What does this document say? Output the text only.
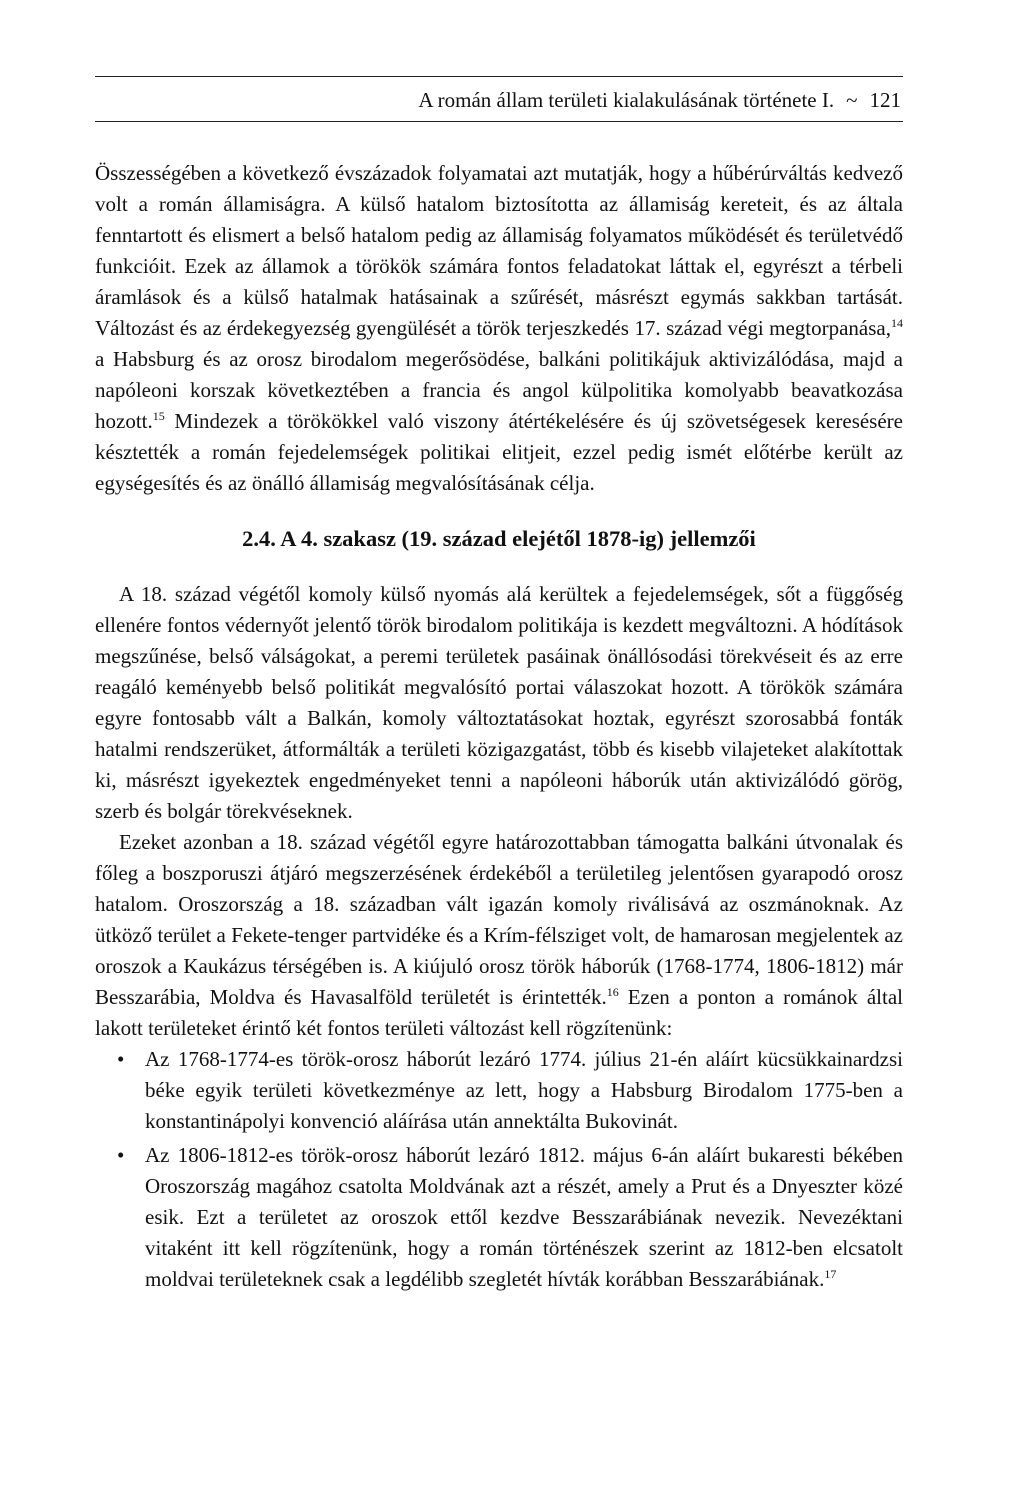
A román állam területi kialakulásának története I. ~ 121

Összességében a következő évszázadok folyamatai azt mutatják, hogy a hűbérúrváltás kedvező volt a román államiságra. A külső hatalom biztosította az államiság kereteit, és az általa fenntartott és elismert a belső hatalom pedig az államiság folyamatos működését és területvédő funkcióit. Ezek az államok a törökök számára fontos feladatokat láttak el, egyrészt a térbeli áramlások és a külső hatalmak hatásainak a szűrését, másrészt egymás sakkban tartását. Változást és az érdekegyezség gyengülését a török terjeszkedés 17. század végi megtorpanása,$^{14}$ a Habsburg és az orosz birodalom megerősödése, balkáni politikájuk aktivizálódása, majd a napóleoni korszak következtében a francia és angol külpolitika komolyabb beavatkozása hozott.$^{15}$ Mindezek a törökökkel való viszony átértékelésére és új szövetségesek keresésére késztették a román fejedelemségek politikai elitjeit, ezzel pedig ismét előtérbe került az egységesítés és az önálló államiság megvalósításának célja.

2.4. A 4. szakasz (19. század elejétől 1878-ig) jellemzői

A 18. század végétől komoly külső nyomás alá kerültek a fejedelemségek, sőt a függőség ellenére fontos védernyőt jelentő török birodalom politikája is kezdett megváltozni. A hódítások megszűnése, belső válságokat, a peremi területek pasáinak önállósodási törekvéseit és az erre reagáló keményebb belső politikát megvalósító portai válaszokat hozott. A törökök számára egyre fontosabb vált a Balkán, komoly változtatásokat hoztak, egyrészt szorosabbá fonták hatalmi rendszerüket, átformálták a területi közigazgatást, több és kisebb vilajeteket alakítottak ki, másrészt igyekeztek engedményeket tenni a napóleoni háborúk után aktivizálódó görög, szerb és bolgár törekvéseknek.

Ezeket azonban a 18. század végétől egyre határozottabban támogatta balkáni útvonalak és főleg a boszporuszi átjáró megszerzésének érdekéből a területileg jelentősen gyarapodó orosz hatalom. Oroszország a 18. században vált igazán komoly riválisává az oszmánoknak. Az ütköző terület a Fekete-tenger partvidéke és a Krím-félsziget volt, de hamarosan megjelentek az oroszok a Kaukázus térségében is. A kiújuló orosz török háborúk (1768-1774, 1806-1812) már Besszarábia, Moldva és Havasalföld területét is érintették.$^{16}$ Ezen a ponton a románok által lakott területeket érintő két fontos területi változást kell rögzítenünk:

• Az 1768-1774-es török-orosz háborút lezáró 1774. július 21-én aláírt kücsükkainardzsi béke egyik területi következménye az lett, hogy a Habsburg Birodalom 1775-ben a konstantinápolyi konvenció aláírása után annektálta Bukovinát.
• Az 1806-1812-es török-orosz háborút lezáró 1812. május 6-án aláírt bukaresti békében Oroszország magához csatolta Moldvának azt a részét, amely a Prut és a Dnyeszter közé esik. Ezt a területet az oroszok ettől kezdve Besszarábiának nevezik. Nevezéktani vitaként itt kell rögzítenünk, hogy a román történészek szerint az 1812-ben elcsatolt moldvai területeknek csak a legdélibb szegletét hívták korábban Besszarábiának.$^{17}$
